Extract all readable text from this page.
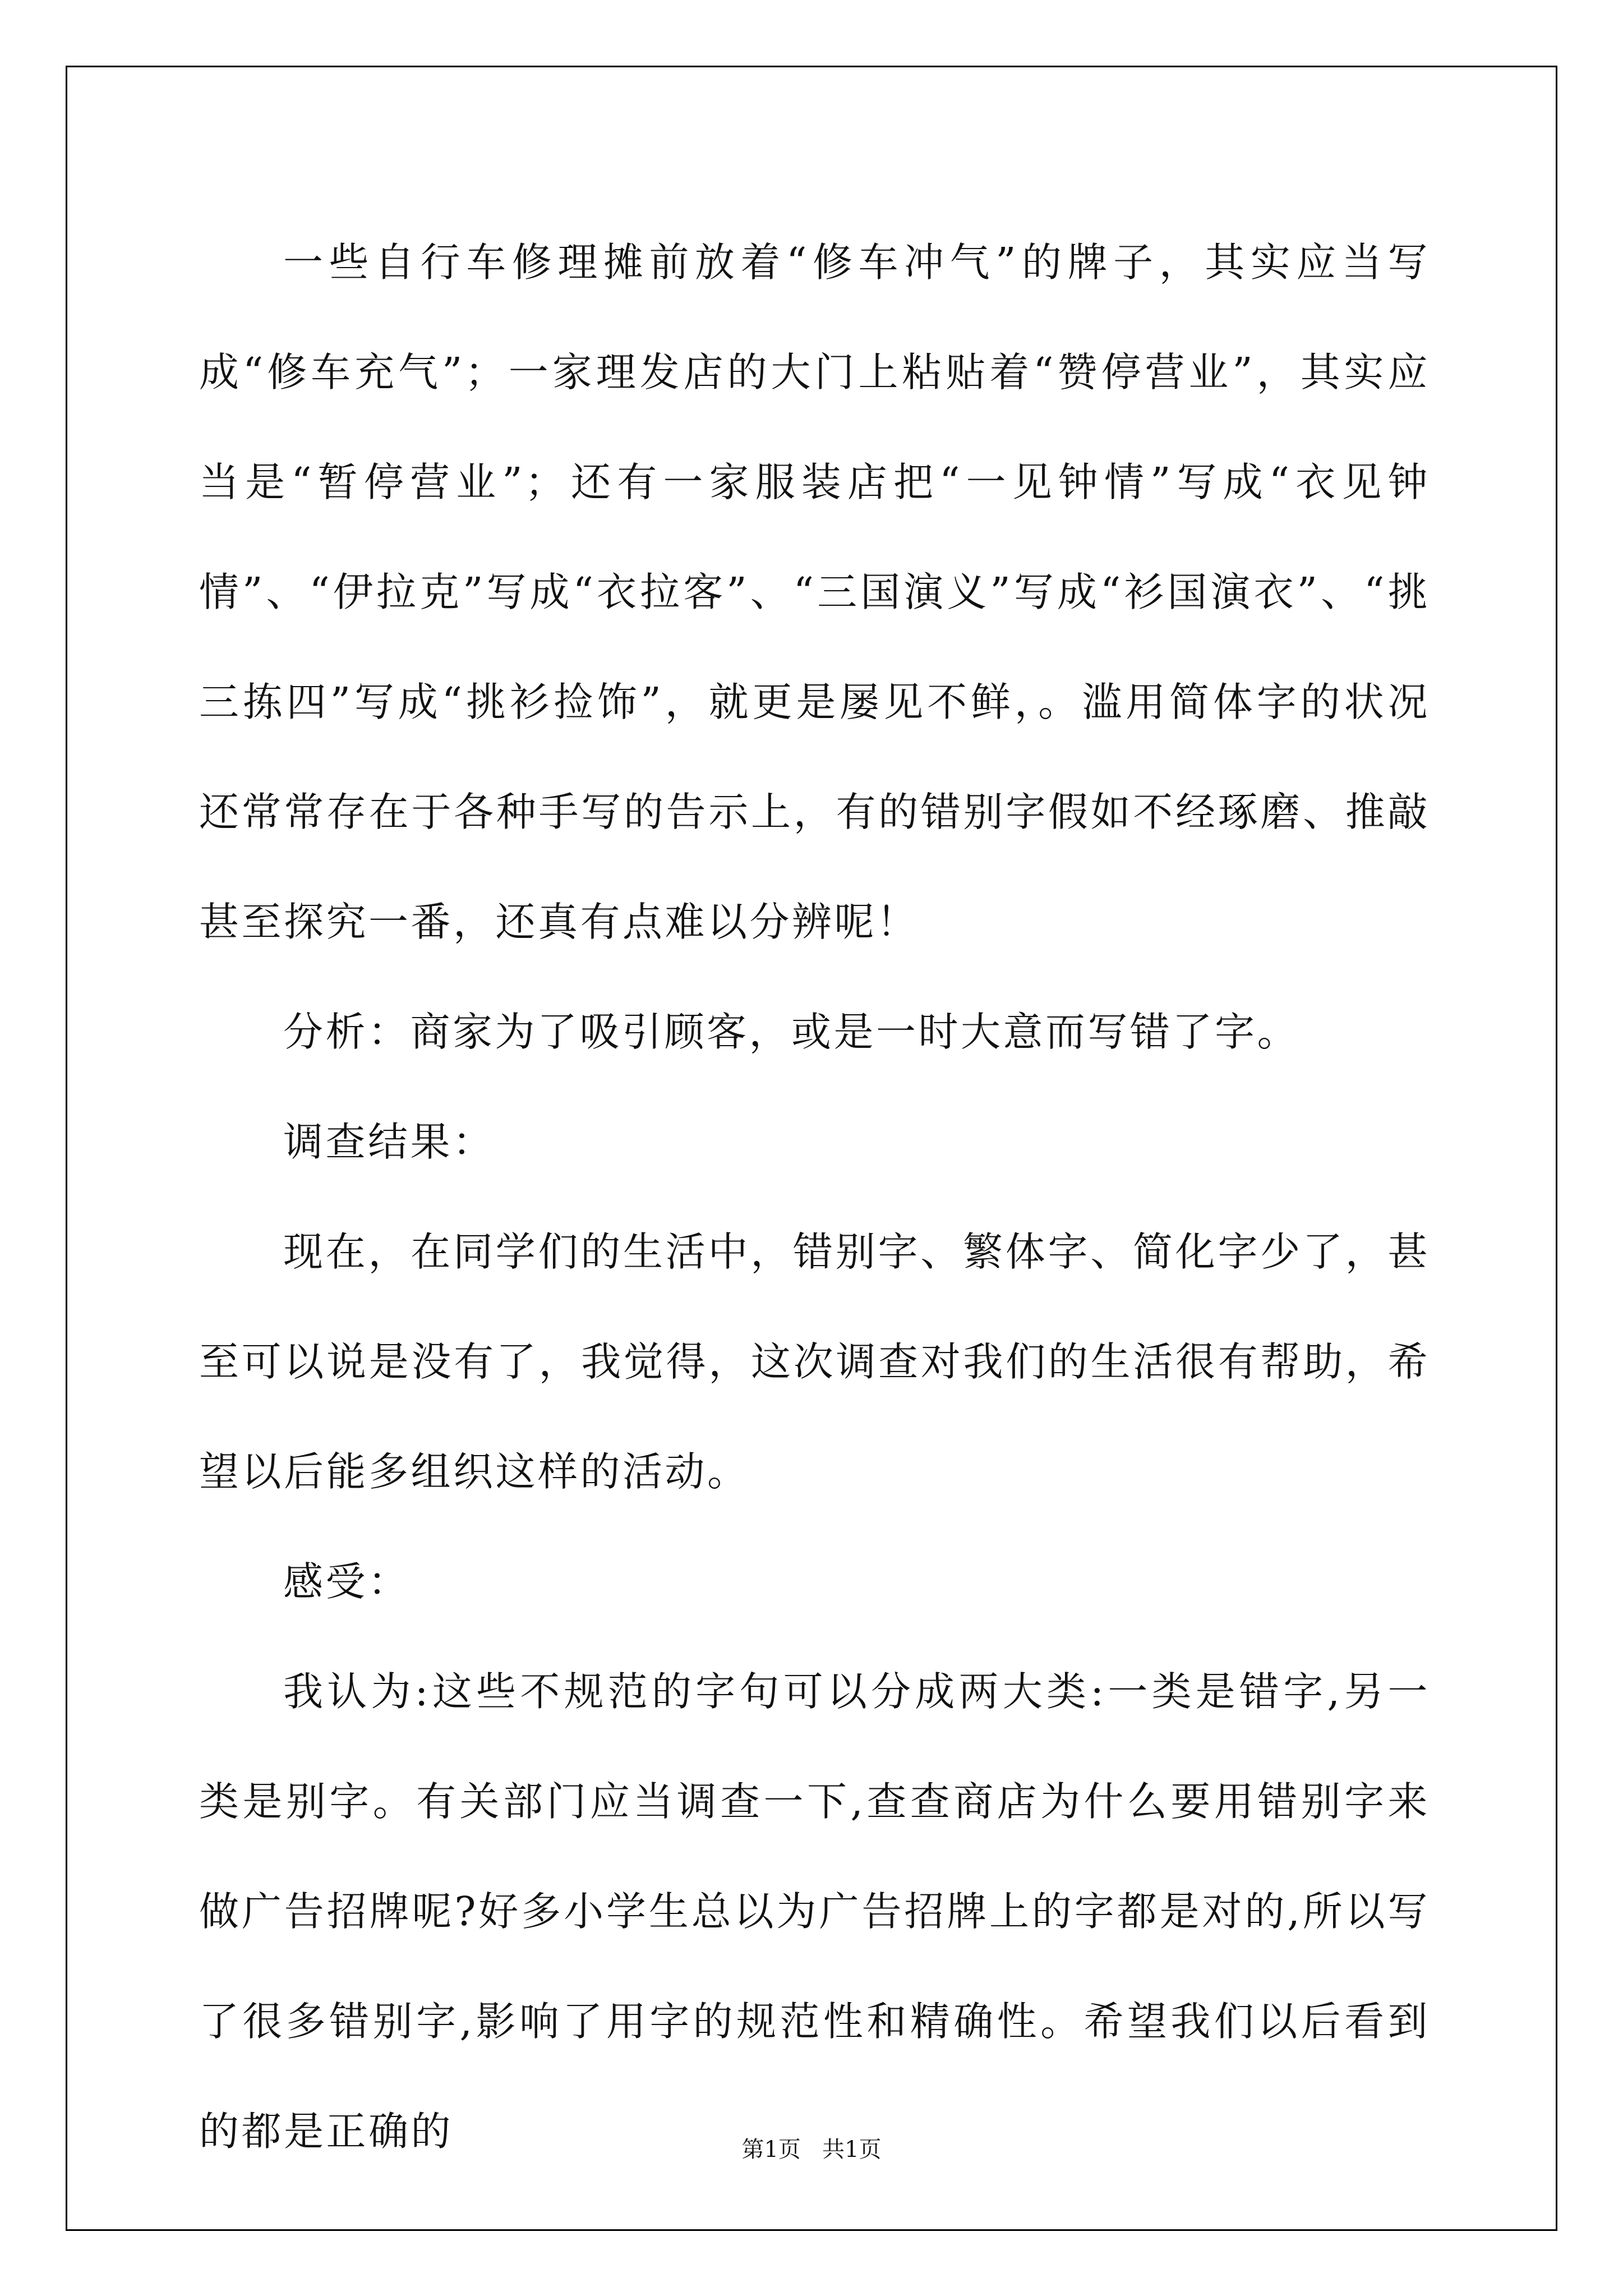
一些自行车修理摊前放着“修车冲气”的牌子，其实应当写成“修车充气”；一家理发店的大门上粘贴着“赞停营业”，其实应当是“暂停营业”；还有一家服装店把“一见钟情”写成“衣见钟情”、“伊拉克”写成“衣拉客”、“三国演义”写成“衫国演衣”、“挑三拣四”写成“挑衫捡饰”，就更是屡见不鲜，。滥用简体字的状况还常常存在于各种手写的告示上，有的错别字假如不经琢磨、推敲甚至探究一番，还真有点难以分辨呢！

分析：商家为了吸引顾客，或是一时大意而写错了字。

调查结果：

现在，在同学们的生活中，错别字、繁体字、简化字少了，甚至可以说是没有了，我觉得，这次调查对我们的生活很有帮助，希望以后能多组织这样的活动。

感受：

我认为:这些不规范的字句可以分成两大类:一类是错字,另一类是别字。有关部门应当调查一下,查查商店为什么要用错别字来做广告招牌呢?好多小学生总以为广告招牌上的字都是对的,所以写了很多错别字,影响了用字的规范性和精确性。希望我们以后看到的都是正确的	第1页   共1页
